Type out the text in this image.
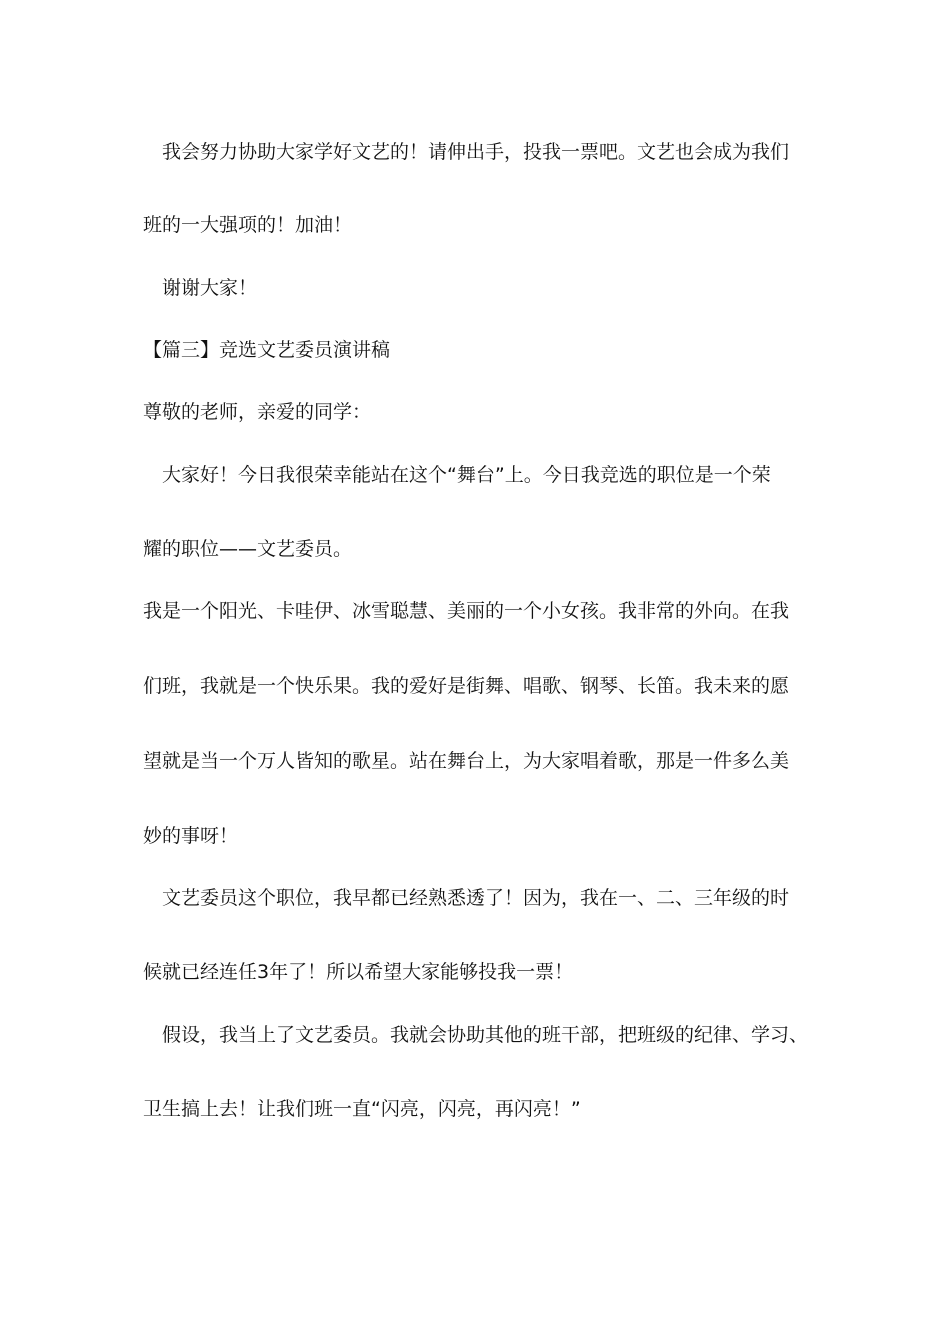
　我会努力协助大家学好文艺的！请伸出手，投我一票吧。文艺也会成为我们
班的一大强项的！加油！
　谢谢大家！
【篇三】竞选文艺委员演讲稿
尊敬的老师，亲爱的同学：
　大家好！今日我很荣幸能站在这个“舞台”上。今日我竞选的职位是一个荣
耀的职位——文艺委员。
我是一个阳光、卡哇伊、冰雪聪慧、美丽的一个小女孩。我非常的外向。在我
们班，我就是一个快乐果。我的爱好是街舞、唱歌、钢琴、长笛。我未来的愿
望就是当一个万人皆知的歌星。站在舞台上，为大家唱着歌，那是一件多么美
妙的事呀！
　文艺委员这个职位，我早都已经熟悉透了！因为，我在一、二、三年级的时
候就已经连任3年了！所以希望大家能够投我一票！
　假设，我当上了文艺委员。我就会协助其他的班干部，把班级的纪律、学习、
卫生搞上去！让我们班一直“闪亮，闪亮，再闪亮！”
